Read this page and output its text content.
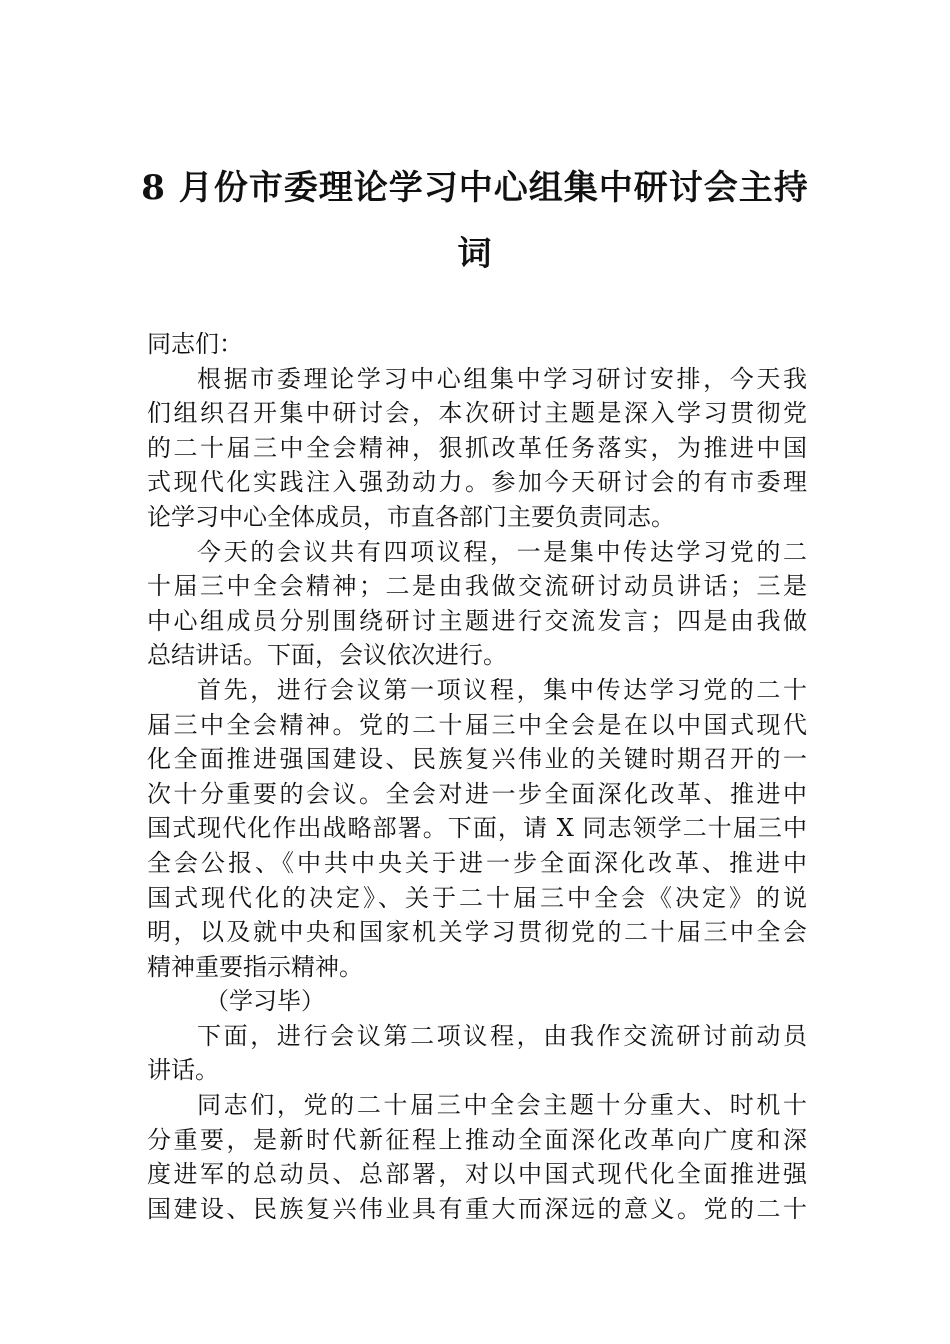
8 月份市委理论学习中心组集中研讨会主持
词
同志们：
根据市委理论学习中心组集中学习研讨安排，今天我
们组织召开集中研讨会，本次研讨主题是深入学习贯彻党
的二十届三中全会精神，狠抓改革任务落实，为推进中国
式现代化实践注入强劲动力。参加今天研讨会的有市委理
论学习中心全体成员，市直各部门主要负责同志。
今天的会议共有四项议程，一是集中传达学习党的二
十届三中全会精神；二是由我做交流研讨动员讲话；三是
中心组成员分别围绕研讨主题进行交流发言；四是由我做
总结讲话。下面，会议依次进行。
首先，进行会议第一项议程，集中传达学习党的二十
届三中全会精神。党的二十届三中全会是在以中国式现代
化全面推进强国建设、民族复兴伟业的关键时期召开的一
次十分重要的会议。全会对进一步全面深化改革、推进中
国式现代化作出战略部署。下面，请 X 同志领学二十届三中
全会公报、《中共中央关于进一步全面深化改革、推进中
国式现代化的决定》、关于二十届三中全会《决定》的说
明，以及就中央和国家机关学习贯彻党的二十届三中全会
精神重要指示精神。
（学习毕）
下面，进行会议第二项议程，由我作交流研讨前动员
讲话。
同志们，党的二十届三中全会主题十分重大、时机十
分重要，是新时代新征程上推动全面深化改革向广度和深
度进军的总动员、总部署，对以中国式现代化全面推进强
国建设、民族复兴伟业具有重大而深远的意义。党的二十
